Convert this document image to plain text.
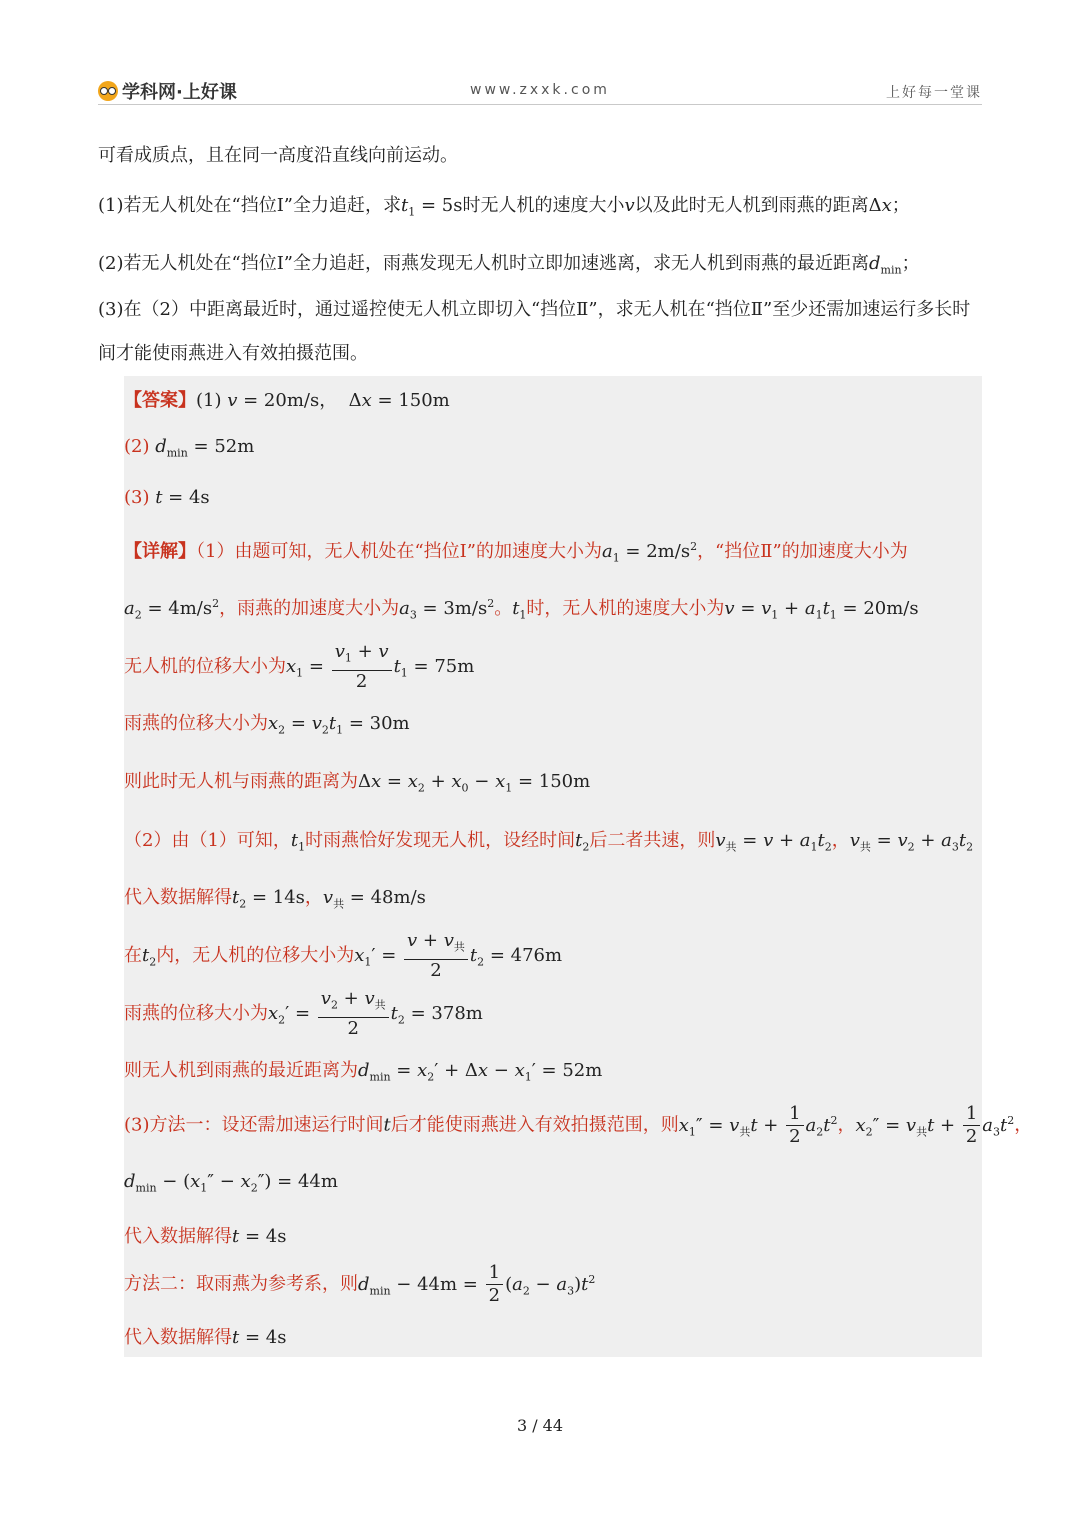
学科网·上好课	www.zxxk.com	上好每一堂课
可看成质点，且在同一高度沿直线向前运动。
(1)若无人机处在“挡位Ⅰ”全力追赶，求$t_1 = 5s$时无人机的速度大小v以及此时无人机到雨燕的距离Δx；
(2)若无人机处在“挡位Ⅰ”全力追赶，雨燕发现无人机时立即加速逃离，求无人机到雨燕的最近距离$d_{min}$；
(3)在（2）中距离最近时，通过遥控使无人机立即切入“挡位Ⅱ”，求无人机在“挡位Ⅱ”至少还需加速运行多长时间才能使雨燕进入有效拍摄范围。
【答案】(1) v = 20m/s，  Δx = 150m
(2) $d_{min} = 52m$
(3) t = 4s
【详解】（1）由题可知，无人机处在“挡位Ⅰ”的加速度大小为$a_1 = 2m/s^2$，“挡位Ⅱ”的加速度大小为
$a_2 = 4m/s^2$，雨燕的加速度大小为$a_3 = 3m/s^2$。$t_1$时，无人机的速度大小为$v = v_1 + a_1t_1 = 20m/s$
无人机的位移大小为$x_1 = \frac{v_1 + v}{2} t_1 = 75m$
雨燕的位移大小为$x_2 = v_2t_1 = 30m$
则此时无人机与雨燕的距离为$\Delta x = x_2 + x_0 - x_1 = 150m$
（2）由（1）可知，$t_1$时雨燕恰好发现无人机，设经时间$t_2$后二者共速，则$v_共 = v + a_1t_2$，$v_共 = v_2 + a_3t_2$
代入数据解得$t_2 = 14s$，$v_共 = 48m/s$
在$t_2$内，无人机的位移大小为$x_1' = \frac{v + v_共}{2} t_2 = 476m$
雨燕的位移大小为$x_2' = \frac{v_2 + v_共}{2} t_2 = 378m$
则无人机到雨燕的最近距离为$d_{min} = x_2' + \Delta x - x_1' = 52m$
(3)方法一：设还需加速运行时间t后才能使雨燕进入有效拍摄范围，则$x_1'' = v_共t + \frac{1}{2} a_2t^2$，$x_2'' = v_共t + \frac{1}{2} a_3t^2$，
$d_{min} - (x_1'' - x_2'') = 44m$
代入数据解得t = 4s
方法二：取雨燕为参考系，则$d_{min} - 44m = \frac{1}{2} (a_2 - a_3)t^2$
代入数据解得t = 4s
3 / 44
